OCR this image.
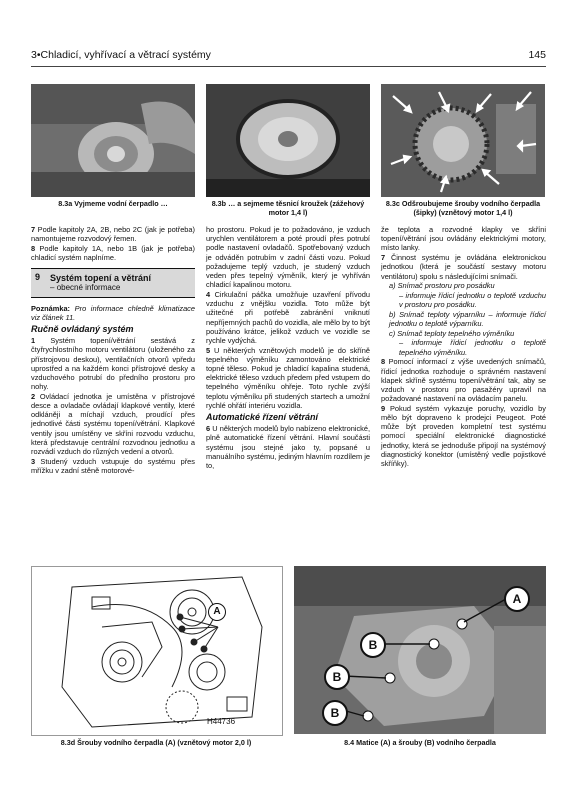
3•Chladicí, vyhřívací a větrací systémy	145
8.3a Vyjmeme vodní čerpadlo …	8.3b … a sejmeme těsnicí kroužek (zážehový motor 1,4 l)
8.3c Odšroubujeme šrouby vodního čerpadla (šipky) (vznětový motor 1,4 l)

7 Podle kapitoly 2A, 2B, nebo 2C (jak je potřeba) namontujeme rozvodový řemen.

8 Podle kapitoly 1A, nebo 1B (jak je potřeba) chladicí systém naplníme.

9 Systém topení a větrání
– obecné informace

Poznámka: Pro informace chledně klimatizace viz článek 11.

Ručně ovládaný systém

1 Systém topení/větrání sestává z čtyřrychlostního motoru ventilátoru (uloženého za přístrojovou deskou), ventilačních otvorů vpředu uprostřed a na každém konci přístrojové desky a vzduchového potrubí do předního prostoru pro nohy.

2 Ovládací jednotka je umístěna v přístrojové desce a ovladače ovládají klapkové ventily, které odkláněji a míchají vzduch, proudící přes jednotlivé části systému topení/větrání. Klapkové ventily jsou umístěny ve skříni rozvodu vzduchu, která představuje centrální rozvodnou jednotku a rozvádí vzduch do různých vedení a otvorů.

3 Studený vzduch vstupuje do systému přes mřížku v zadní stěně motorové-

ho prostoru. Pokud je to požadováno, je vzduch urychlen ventilátorem a poté proudí přes potrubí podle nastavení ovladačů. Spotřebovaný vzduch je odváděn potrubím v zadní části vozu. Pokud požadujeme teplý vzduch, je studený vzduch veden přes tepelný výměník, který je vyhříván chladicí kapalinou motoru.

4 Cirkulační páčka umožňuje uzavření přívodu vzduchu z vnějšku vozidla. Toto může být užitečné při potřebě zabránění vniknutí nepříjemných pachů do vozidla, ale mělo by to být používáno krátce, jelikož vzduch ve vozidle se rychle vydýchá.

5 U některých vznětových modelů je do skříně tepelného výměníku zamontováno elektrické topné těleso. Pokud je chladicí kapalina studená, elektrické těleso vzduch předem před vstupem do tepelného výměníku ohřeje. Toto rychle zvýší teplotu výměníku při studených startech a umožní rychlé ohřátí interiéru vozidla.

Automatické řízení větrání

6 U některých modelů bylo nabízeno elektronické, plně automatické řízení větrání. Hlavní součásti systému jsou stejné jako ty, popsané u manuálního systému, jediným hlavním rozdílem je to,

že teplota a rozvodné klapky ve skříni topení/větrání jsou ovládány elektrickými motory, místo lanky.

7 Činnost systému je ovládána elektronickou jednotkou (která je součástí sestavy motoru ventilátoru) spolu s následujícími snímači.

a) Snímač prostoru pro posádku

– informuje řídicí jednotku o teplotě vzduchu v prostoru pro posádku.

b) Snímač teploty výparníku – informuje řídicí jednotku o teplotě výparníku.

c) Snímač teploty tepelného výměníku

– informuje řídicí jednotku o teplotě tepelného výměníku.

8 Pomocí informací z výše uvedených snímačů, řídicí jednotka rozhoduje o správném nastavení klapek skříně systému topení/větrání tak, aby se vzduch v prostoru pro pasažéry upravil na požadované nastavení na ovládacím panelu.

9 Pokud systém vykazuje poruchy, vozidlo by mělo být dopraveno k prodejci Peugeot. Poté může být proveden kompletní test systému pomocí speciální elektronické diagnostické jednotky, která se jednoduše připojí na systémový diagnostický konektor (umístěný vedle pojistkové skříňky).

A
H44736
8.3d Šrouby vodního čerpadla (A) (vznětový motor 2,0 l)
A
B
B
B
8.4 Matice (A) a šrouby (B) vodního čerpadla
